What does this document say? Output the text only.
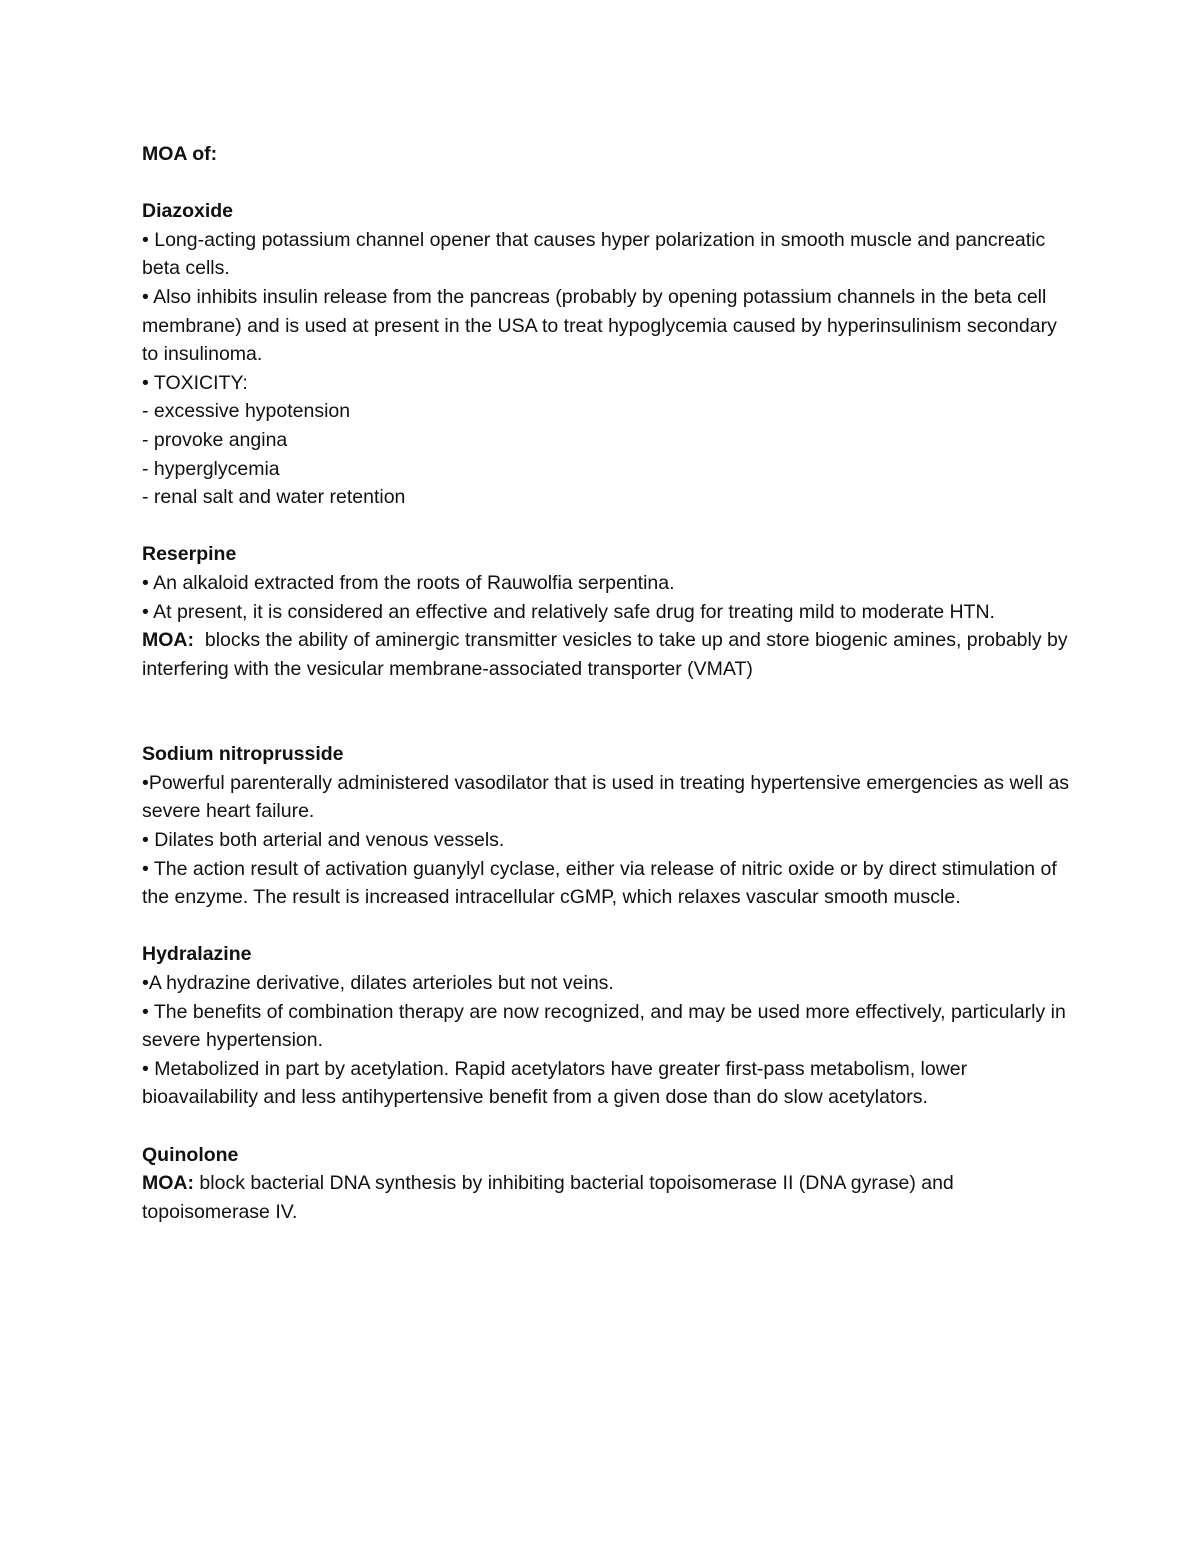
MOA of:

Diazoxide

• Long-acting potassium channel opener that causes hyper polarization in smooth muscle and pancreatic beta cells.

• Also inhibits insulin release from the pancreas (probably by opening potassium channels in the beta cell membrane) and is used at present in the USA to treat hypoglycemia caused by hyperinsulinism secondary to insulinoma.

• TOXICITY:

- excessive hypotension

- provoke angina

- hyperglycemia

- renal salt and water retention

Reserpine

• An alkaloid extracted from the roots of Rauwolfia serpentina.

• At present, it is considered an effective and relatively safe drug for treating mild to moderate HTN.

MOA: blocks the ability of aminergic transmitter vesicles to take up and store biogenic amines, probably by interfering with the vesicular membrane-associated transporter (VMAT)

Sodium nitroprusside

•Powerful parenterally administered vasodilator that is used in treating hypertensive emergencies as well as severe heart failure.

• Dilates both arterial and venous vessels.

• The action result of activation guanylyl cyclase, either via release of nitric oxide or by direct stimulation of the enzyme. The result is increased intracellular cGMP, which relaxes vascular smooth muscle.

Hydralazine

•A hydrazine derivative, dilates arterioles but not veins.

• The benefits of combination therapy are now recognized, and may be used more effectively, particularly in severe hypertension.

• Metabolized in part by acetylation. Rapid acetylators have greater first-pass metabolism, lower bioavailability and less antihypertensive benefit from a given dose than do slow acetylators.

Quinolone

MOA: block bacterial DNA synthesis by inhibiting bacterial topoisomerase II (DNA gyrase) and topoisomerase IV.
